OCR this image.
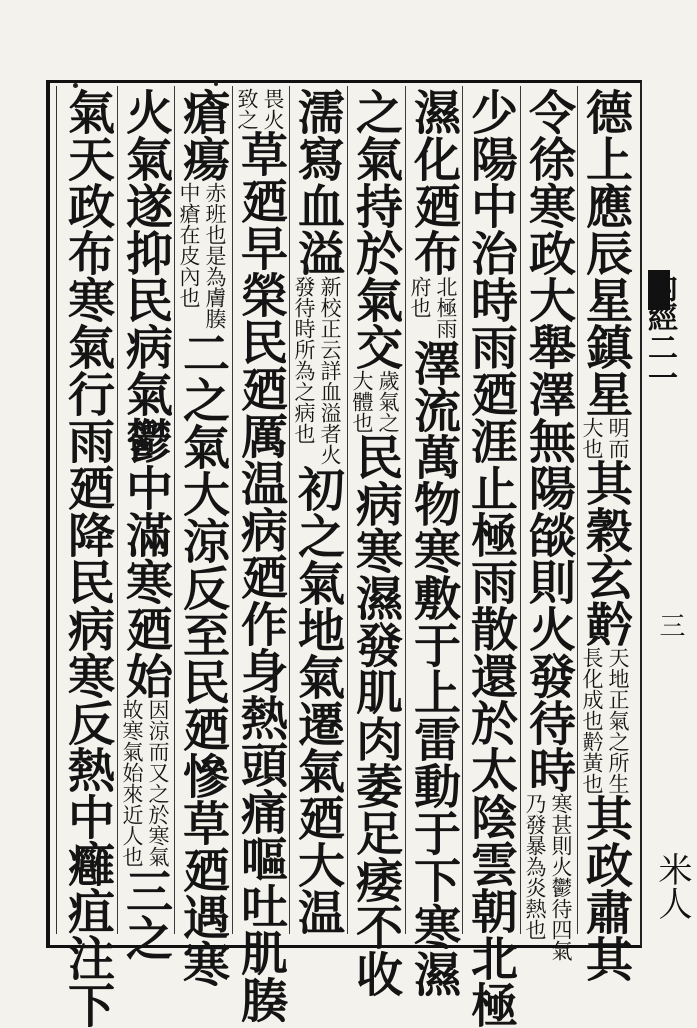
内經二一
三
米人
德上應辰星鎮星
明而
大也
其穀玄黅
天地正氣之所生
長化成也黅黃也
其政肅其
令徐寒政大舉澤無陽燄則火發待時
寒甚則火鬱待四氣
乃發暴為炎熱也
少陽中治時雨廼涯止極雨散還於太陰雲朝北極
濕化廼布
北極雨
府也
澤流萬物寒敷于上雷動于下寒濕
之氣持於氣交
歲氣之
大體也
民病寒濕發肌肉萎足痿不收
濡寫血溢
新校正云詳血溢者火
發待時所為之病也
初之氣地氣遷氣廼大温
畏火
致之
草廼早榮民廼厲温病廼作身熱頭痛嘔吐肌腠
瘡瘍
赤班也是為膚腠
中瘡在皮內也
二之氣大涼反至民廼慘草廼遇寒
火氣遂抑民病氣鬱中滿寒廼始
因涼而又之於寒氣
故寒氣始來近人也
三之
氣天政布寒氣行雨廼降民病寒反熱中癰疽注下
